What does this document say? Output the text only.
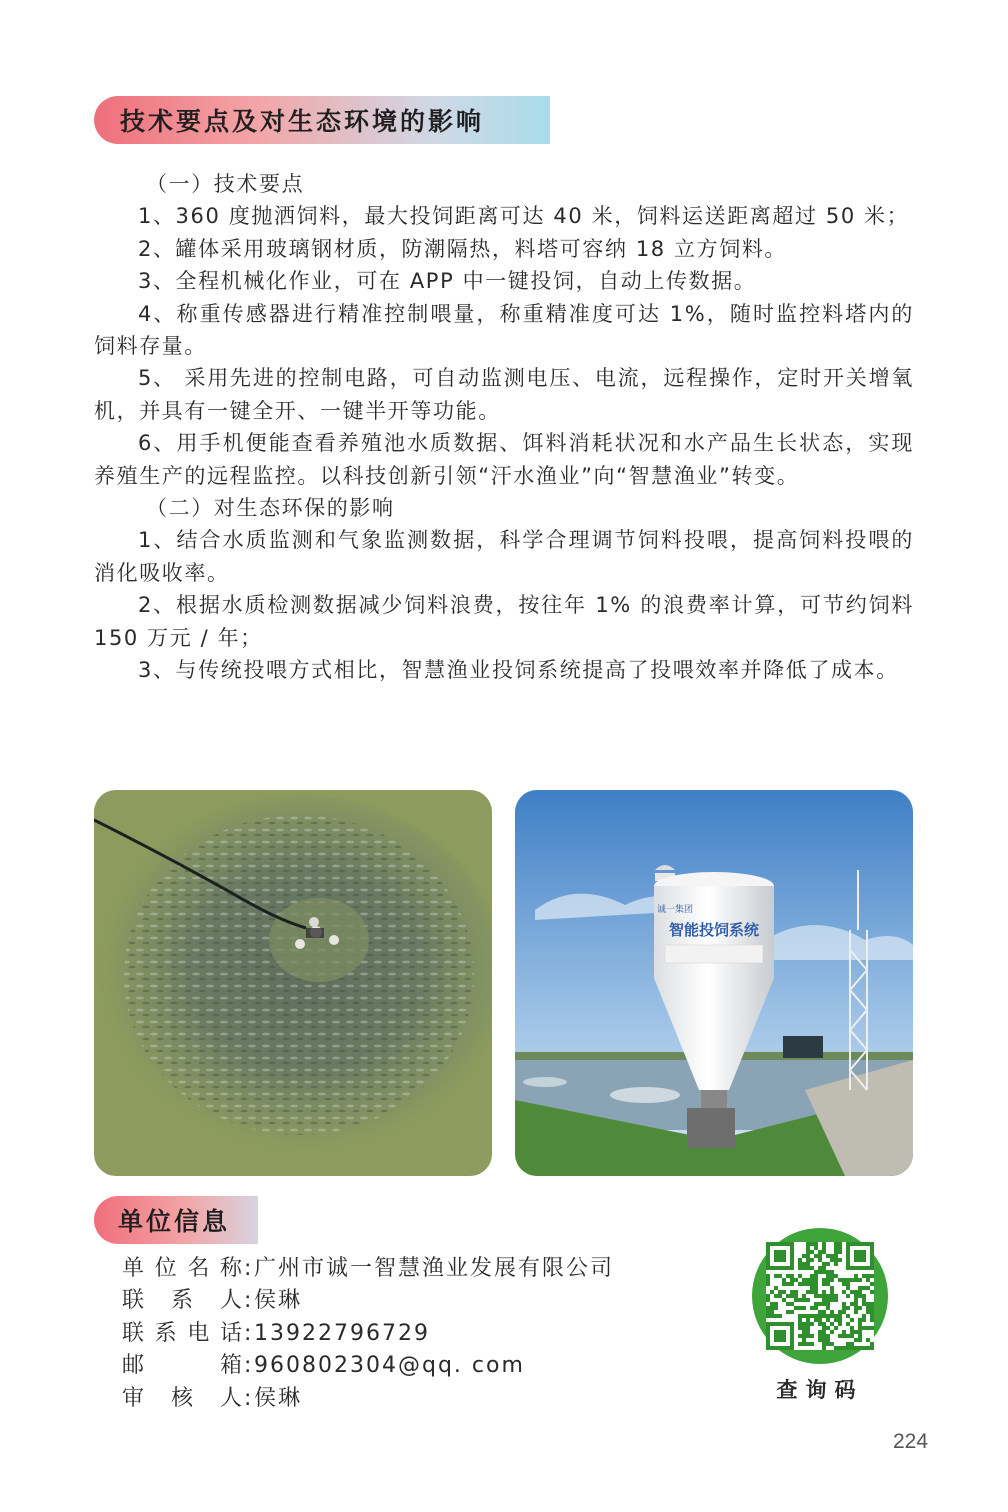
技术要点及对生态环境的影响

（一）技术要点

1、360 度抛洒饲料，最大投饲距离可达 40 米，饲料运送距离超过 50 米；

2、罐体采用玻璃钢材质，防潮隔热，料塔可容纳 18 立方饲料。

3、全程机械化作业，可在 APP 中一键投饲，自动上传数据。

4、称重传感器进行精准控制喂量，称重精准度可达 1%，随时监控料塔内的饲料存量。

5、 采用先进的控制电路，可自动监测电压、电流，远程操作，定时开关增氧机，并具有一键全开、一键半开等功能。

6、用手机便能查看养殖池水质数据、饵料消耗状况和水产品生长状态，实现养殖生产的远程监控。以科技创新引领“汗水渔业”向“智慧渔业”转变。

（二）对生态环保的影响

1、结合水质监测和气象监测数据，科学合理调节饲料投喂，提高饲料投喂的消化吸收率。

2、根据水质检测数据减少饲料浪费，按往年 1% 的浪费率计算，可节约饲料 150 万元 / 年；

3、与传统投喂方式相比，智慧渔业投饲系统提高了投喂效率并降低了成本。

智能投饲系统
诚一集团
单位信息
单位名称 : 广州市诚一智慧渔业发展有限公司
联系人 : 侯琳
联系电话 : 13922796729
邮箱 : 960802304@qq. com
审核人 : 侯琳	查询码
224
